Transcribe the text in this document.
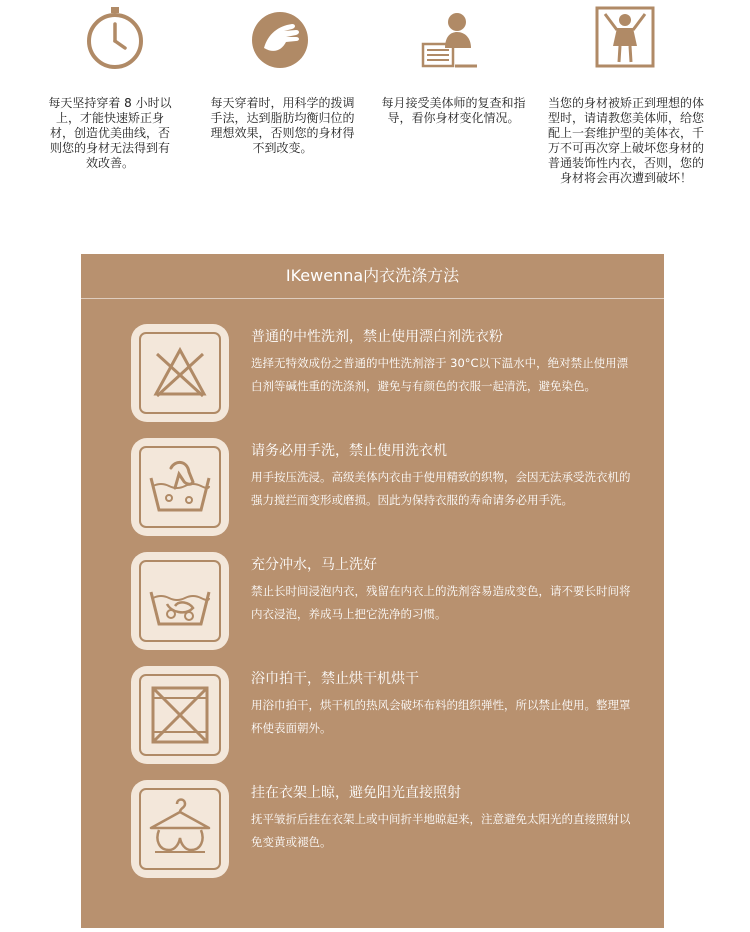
每天坚持穿着 8 小时以上，才能快速矫正身材，创造优美曲线，否则您的身材无法得到有效改善。
每天穿着时，用科学的拨调手法，达到脂肪均衡归位的理想效果，否则您的身材得不到改变。
每月接受美体师的复查和指导，看你身材变化情况。
当您的身材被矫正到理想的体型时，请请教您美体师，给您配上一套维护型的美体衣，千万不可再次穿上破坏您身材的普通装饰性内衣，否则，您的身材将会再次遭到破坏！
IKewenna内衣洗涤方法
普通的中性洗剂，禁止使用漂白剂洗衣粉
选择无特效成份之普通的中性洗剂溶于 30°C以下温水中，绝对禁止使用漂白剂等碱性重的洗涤剂，避免与有颜色的衣服一起清洗，避免染色。
请务必用手洗，禁止使用洗衣机
用手按压洗浸。高级美体内衣由于使用精致的织物，会因无法承受洗衣机的强力搅拦而变形或磨损。因此为保持衣服的寿命请务必用手洗。
充分冲水，马上洗好
禁止长时间浸泡内衣，残留在内衣上的洗剂容易造成变色，请不要长时间将内衣浸泡，养成马上把它洗净的习惯。
浴巾拍干，禁止烘干机烘干
用浴巾拍干，烘干机的热风会破坏布料的组织弹性，所以禁止使用。整理罩杯使表面朝外。
挂在衣架上晾，避免阳光直接照射
抚平皱折后挂在衣架上或中间折半地晾起来，注意避免太阳光的直接照射以免变黄或褪色。
